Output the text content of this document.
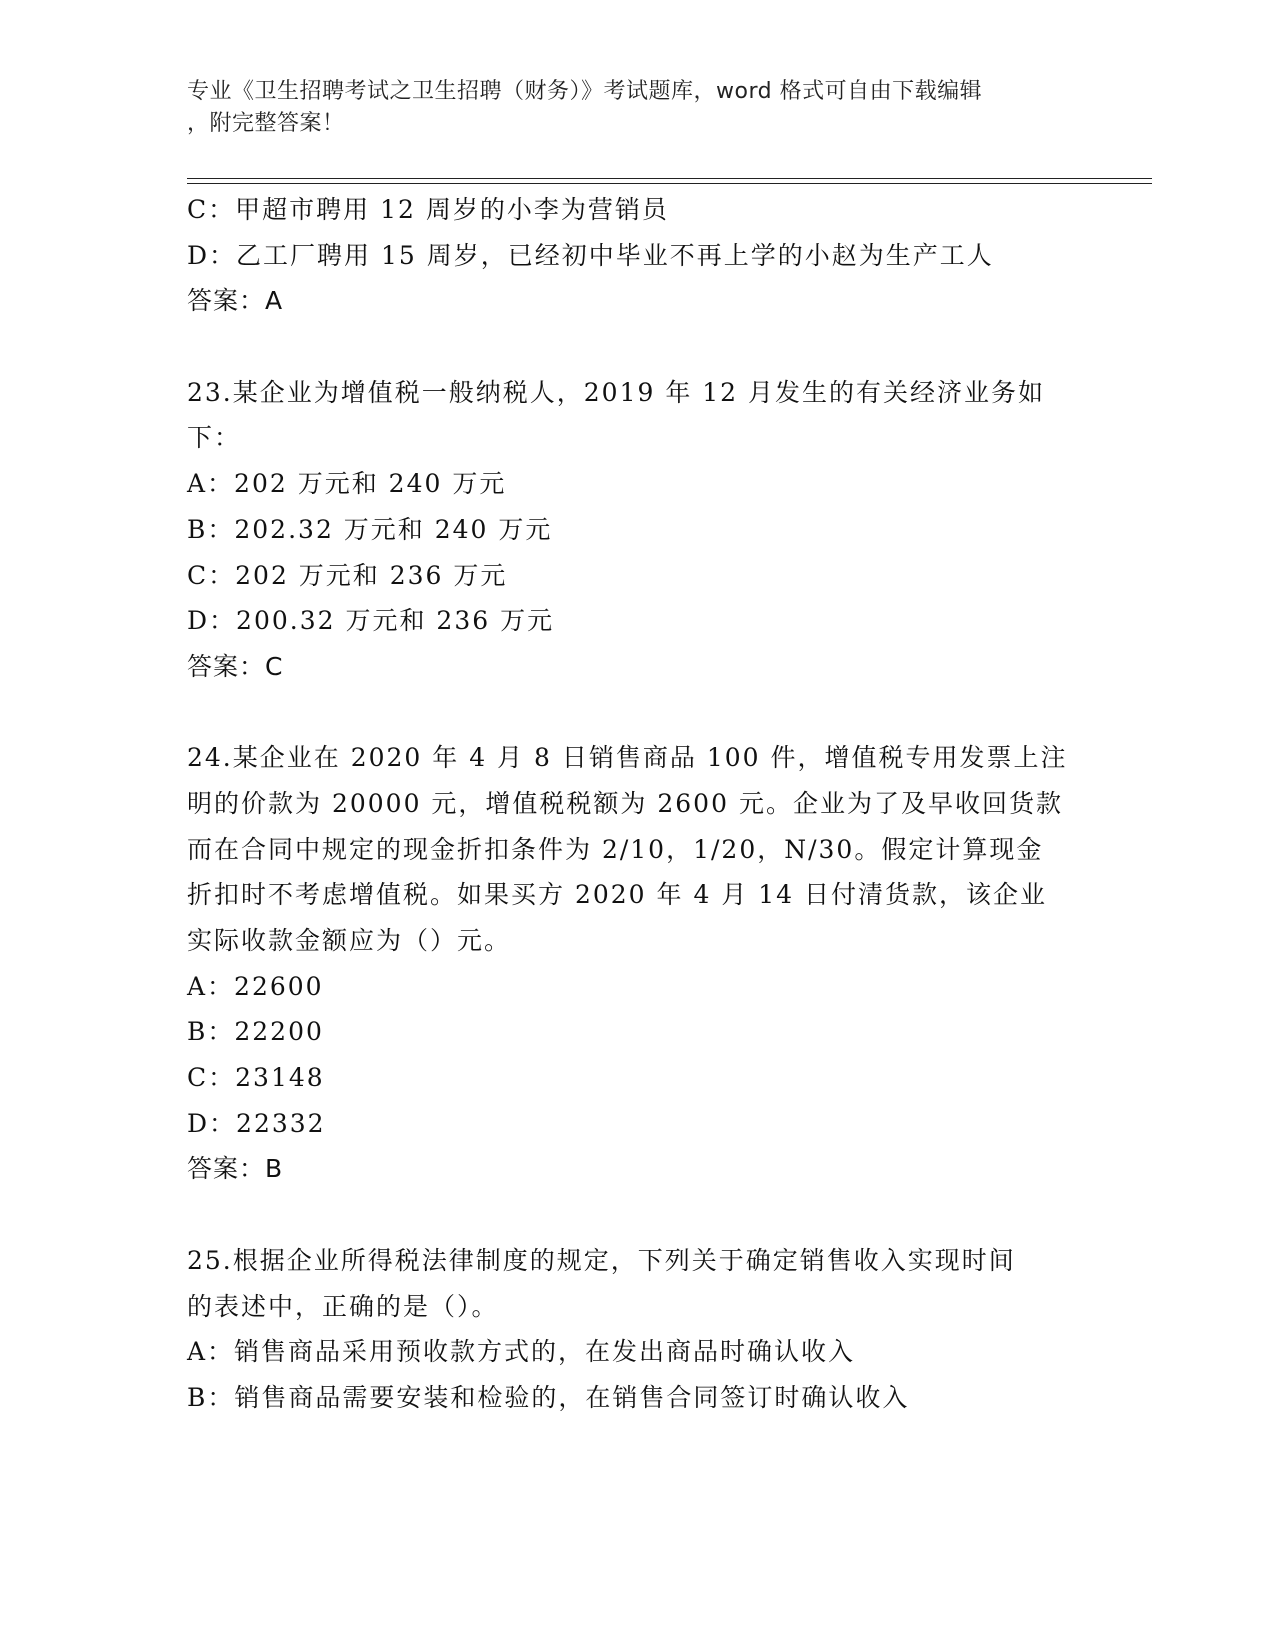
专业《卫生招聘考试之卫生招聘（财务）》考试题库，word 格式可自由下载编辑
，附完整答案！
C：甲超市聘用 12 周岁的小李为营销员
D：乙工厂聘用 15 周岁，已经初中毕业不再上学的小赵为生产工人
答案：A
23.某企业为增值税一般纳税人，2019 年 12 月发生的有关经济业务如
下：
A：202 万元和 240 万元
B：202.32 万元和 240 万元
C：202 万元和 236 万元
D：200.32 万元和 236 万元
答案：C
24.某企业在 2020 年 4 月 8 日销售商品 100 件，增值税专用发票上注
明的价款为 20000 元，增值税税额为 2600 元。企业为了及早收回货款
而在合同中规定的现金折扣条件为 2/10，1/20，N/30。假定计算现金
折扣时不考虑增值税。如果买方 2020 年 4 月 14 日付清货款，该企业
实际收款金额应为（）元。
A：22600
B：22200
C：23148
D：22332
答案：B
25.根据企业所得税法律制度的规定，下列关于确定销售收入实现时间
的表述中，正确的是（）。
A：销售商品采用预收款方式的，在发出商品时确认收入
B：销售商品需要安装和检验的，在销售合同签订时确认收入
